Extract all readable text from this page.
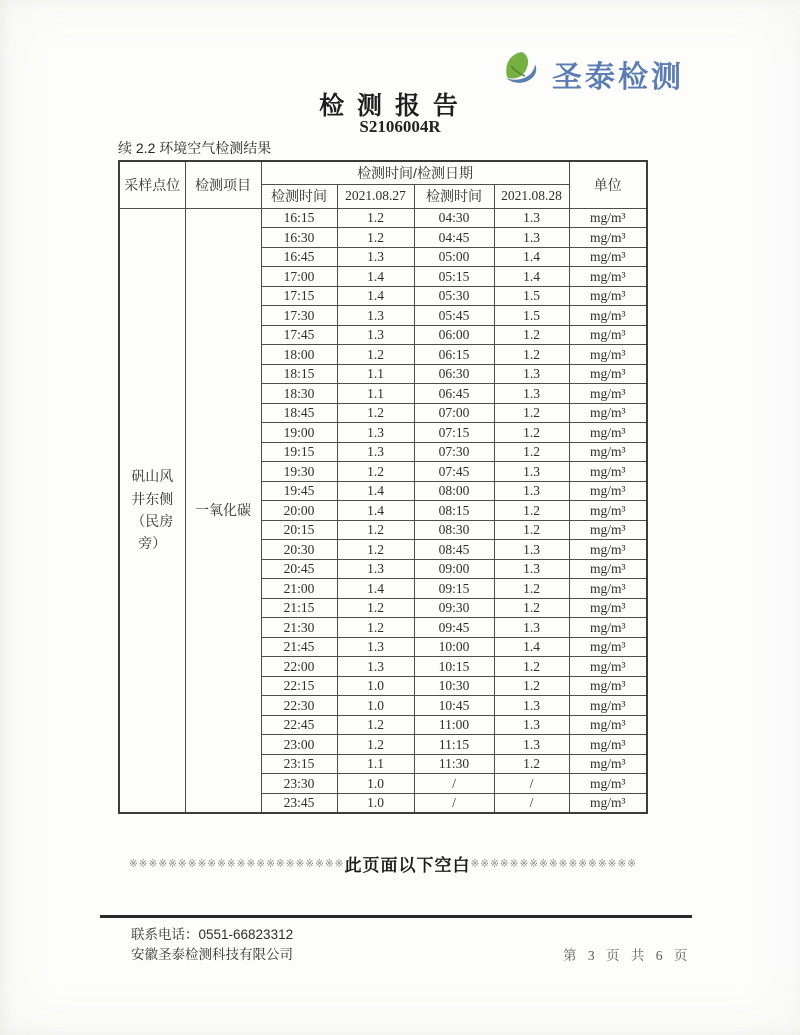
圣泰检测
检 测 报 告
S2106004R
续 2.2 环境空气检测结果
采样点位	检测项目	检测时间/检测日期				单位
		检测时间	2021.08.27	检测时间	2021.08.28	
矾山风井东侧（民房旁）	一氧化碳	16:15	1.2	04:30	1.3	mg/m³
		16:30	1.2	04:45	1.3	mg/m³
		16:45	1.3	05:00	1.4	mg/m³
		17:00	1.4	05:15	1.4	mg/m³
		17:15	1.4	05:30	1.5	mg/m³
		17:30	1.3	05:45	1.5	mg/m³
		17:45	1.3	06:00	1.2	mg/m³
		18:00	1.2	06:15	1.2	mg/m³
		18:15	1.1	06:30	1.3	mg/m³
		18:30	1.1	06:45	1.3	mg/m³
		18:45	1.2	07:00	1.2	mg/m³
		19:00	1.3	07:15	1.2	mg/m³
		19:15	1.3	07:30	1.2	mg/m³
		19:30	1.2	07:45	1.3	mg/m³
		19:45	1.4	08:00	1.3	mg/m³
		20:00	1.4	08:15	1.2	mg/m³
		20:15	1.2	08:30	1.2	mg/m³
		20:30	1.2	08:45	1.3	mg/m³
		20:45	1.3	09:00	1.3	mg/m³
		21:00	1.4	09:15	1.2	mg/m³
		21:15	1.2	09:30	1.2	mg/m³
		21:30	1.2	09:45	1.3	mg/m³
		21:45	1.3	10:00	1.4	mg/m³
		22:00	1.3	10:15	1.2	mg/m³
		22:15	1.0	10:30	1.2	mg/m³
		22:30	1.0	10:45	1.3	mg/m³
		22:45	1.2	11:00	1.3	mg/m³
		23:00	1.2	11:15	1.3	mg/m³
		23:15	1.1	11:30	1.2	mg/m³
		23:30	1.0	/	/	mg/m³
		23:45	1.0	/	/	mg/m³
※※※※※※※※※※※※※※※※※※※※※※ 此页面以下空白 ※※※※※※※※※※※※※※※※※
联系电话：0551-66823312
安徽圣泰检测科技有限公司	第 3 页 共 6 页
